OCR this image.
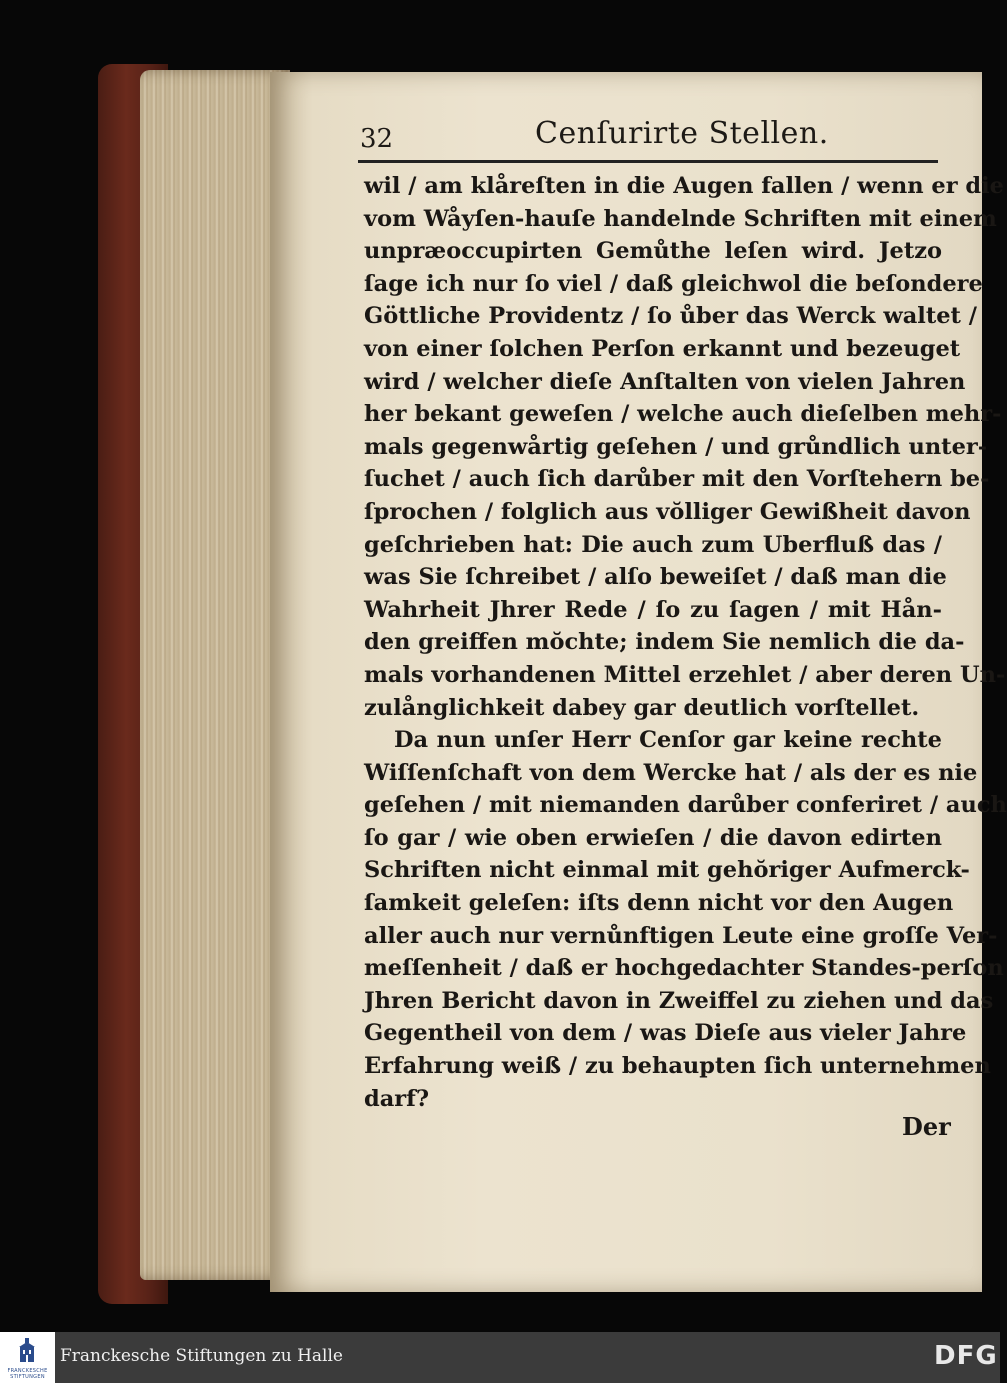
32	Cenſurirte Stellen.
wil / am klåreſten in die Augen fallen / wenn er die
vom Wåyſen-hauſe handelnde Schriften mit einem
unpræoccupirten Gemůthe leſen wird. Jetzo
ſage ich nur ſo viel / daß gleichwol die beſondere
Göttliche Providentz / ſo ůber das Werck waltet /
von einer ſolchen Perſon erkannt und bezeuget
wird / welcher dieſe Anſtalten von vielen Jahren
her bekant geweſen / welche auch dieſelben mehr-
mals gegenwårtig geſehen / und grůndlich unter-
ſuchet / auch ſich darůber mit den Vorſtehern be-
ſprochen / folglich aus vŏlliger Gewißheit davon
geſchrieben hat: Die auch zum Uberfluß das /
was Sie ſchreibet / alſo beweiſet / daß man die
Wahrheit Jhrer Rede / ſo zu ſagen / mit Hån-
den greiffen mŏchte; indem Sie nemlich die da-
mals vorhandenen Mittel erzehlet / aber deren Un-
zulånglichkeit dabey gar deutlich vorſtellet.
Da nun unſer Herr Cenſor gar keine rechte
Wiſſenſchaft von dem Wercke hat / als der es nie
geſehen / mit niemanden darůber conferiret / auch
ſo gar / wie oben erwieſen / die davon edirten
Schriften nicht einmal mit gehŏriger Aufmerck-
ſamkeit geleſen: iſts denn nicht vor den Augen
aller auch nur vernůnftigen Leute eine groſſe Ver-
meſſenheit / daß er hochgedachter Standes-perſon
Jhren Bericht davon in Zweiffel zu ziehen und das
Gegentheil von dem / was Dieſe aus vieler Jahre
Erfahrung weiß / zu behaupten ſich unternehmen
darf?
Der
FRANCKESCHE STIFTUNGEN
Franckesche Stiftungen zu Halle	DFG
